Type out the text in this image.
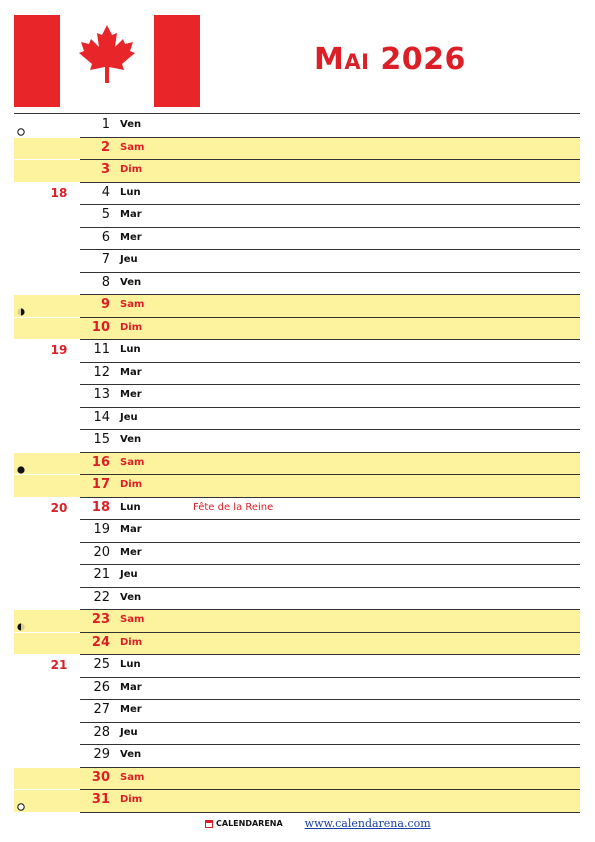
Mai 2026
1 Ven
2 Sam
3 Dim
18	4 Lun
5 Mar
6 Mer
7 Jeu
8 Ven
9 Sam
10 Dim
19	11 Lun
12 Mar
13 Mer
14 Jeu
15 Ven
16 Sam
17 Dim
20	18 Lun	Fête de la Reine
19 Mar
20 Mer
21 Jeu
22 Ven
23 Sam
24 Dim
21	25 Lun
26 Mar
27 Mer
28 Jeu
29 Ven
30 Sam
31 Dim
CALENDARENA www.calendarena.com
